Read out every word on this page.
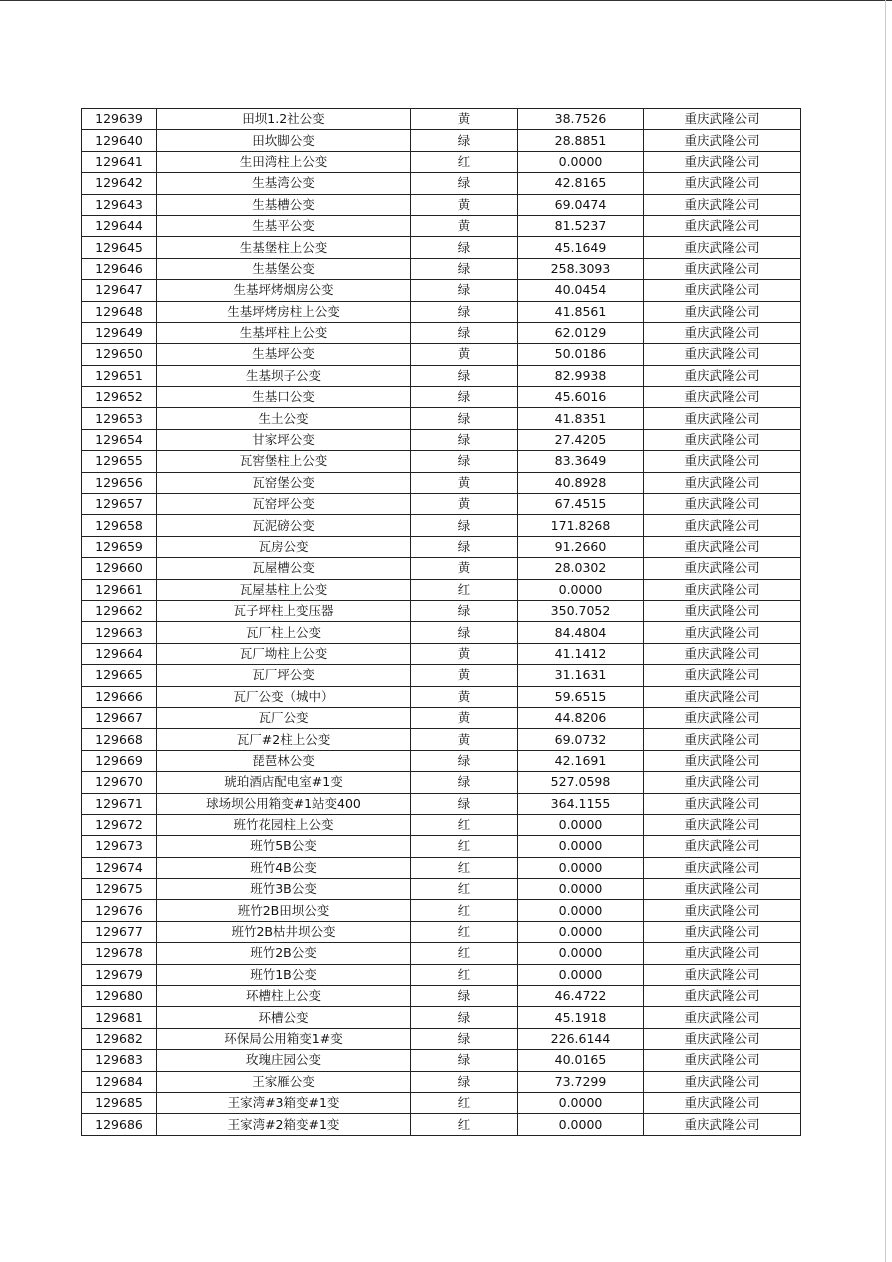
129639	田坝1.2社公变	黄	38.7526	重庆武隆公司
129640	田坎脚公变	绿	28.8851	重庆武隆公司
129641	生田湾柱上公变	红	0.0000	重庆武隆公司
129642	生基湾公变	绿	42.8165	重庆武隆公司
129643	生基槽公变	黄	69.0474	重庆武隆公司
129644	生基平公变	黄	81.5237	重庆武隆公司
129645	生基堡柱上公变	绿	45.1649	重庆武隆公司
129646	生基堡公变	绿	258.3093	重庆武隆公司
129647	生基坪烤烟房公变	绿	40.0454	重庆武隆公司
129648	生基坪烤房柱上公变	绿	41.8561	重庆武隆公司
129649	生基坪柱上公变	绿	62.0129	重庆武隆公司
129650	生基坪公变	黄	50.0186	重庆武隆公司
129651	生基坝子公变	绿	82.9938	重庆武隆公司
129652	生基口公变	绿	45.6016	重庆武隆公司
129653	生土公变	绿	41.8351	重庆武隆公司
129654	甘家坪公变	绿	27.4205	重庆武隆公司
129655	瓦窖堡柱上公变	绿	83.3649	重庆武隆公司
129656	瓦窑堡公变	黄	40.8928	重庆武隆公司
129657	瓦窑坪公变	黄	67.4515	重庆武隆公司
129658	瓦泥磅公变	绿	171.8268	重庆武隆公司
129659	瓦房公变	绿	91.2660	重庆武隆公司
129660	瓦屋槽公变	黄	28.0302	重庆武隆公司
129661	瓦屋基柱上公变	红	0.0000	重庆武隆公司
129662	瓦子坪柱上变压器	绿	350.7052	重庆武隆公司
129663	瓦厂柱上公变	绿	84.4804	重庆武隆公司
129664	瓦厂坳柱上公变	黄	41.1412	重庆武隆公司
129665	瓦厂坪公变	黄	31.1631	重庆武隆公司
129666	瓦厂公变（城中）	黄	59.6515	重庆武隆公司
129667	瓦厂公变	黄	44.8206	重庆武隆公司
129668	瓦厂#2柱上公变	黄	69.0732	重庆武隆公司
129669	琵琶林公变	绿	42.1691	重庆武隆公司
129670	琥珀酒店配电室#1变	绿	527.0598	重庆武隆公司
129671	球场坝公用箱变#1站变400	绿	364.1155	重庆武隆公司
129672	班竹花园柱上公变	红	0.0000	重庆武隆公司
129673	班竹5B公变	红	0.0000	重庆武隆公司
129674	班竹4B公变	红	0.0000	重庆武隆公司
129675	班竹3B公变	红	0.0000	重庆武隆公司
129676	班竹2B田坝公变	红	0.0000	重庆武隆公司
129677	班竹2B枯井坝公变	红	0.0000	重庆武隆公司
129678	班竹2B公变	红	0.0000	重庆武隆公司
129679	班竹1B公变	红	0.0000	重庆武隆公司
129680	环槽柱上公变	绿	46.4722	重庆武隆公司
129681	环槽公变	绿	45.1918	重庆武隆公司
129682	环保局公用箱变1#变	绿	226.6144	重庆武隆公司
129683	玫瑰庄园公变	绿	40.0165	重庆武隆公司
129684	王家雁公变	绿	73.7299	重庆武隆公司
129685	王家湾#3箱变#1变	红	0.0000	重庆武隆公司
129686	王家湾#2箱变#1变	红	0.0000	重庆武隆公司
